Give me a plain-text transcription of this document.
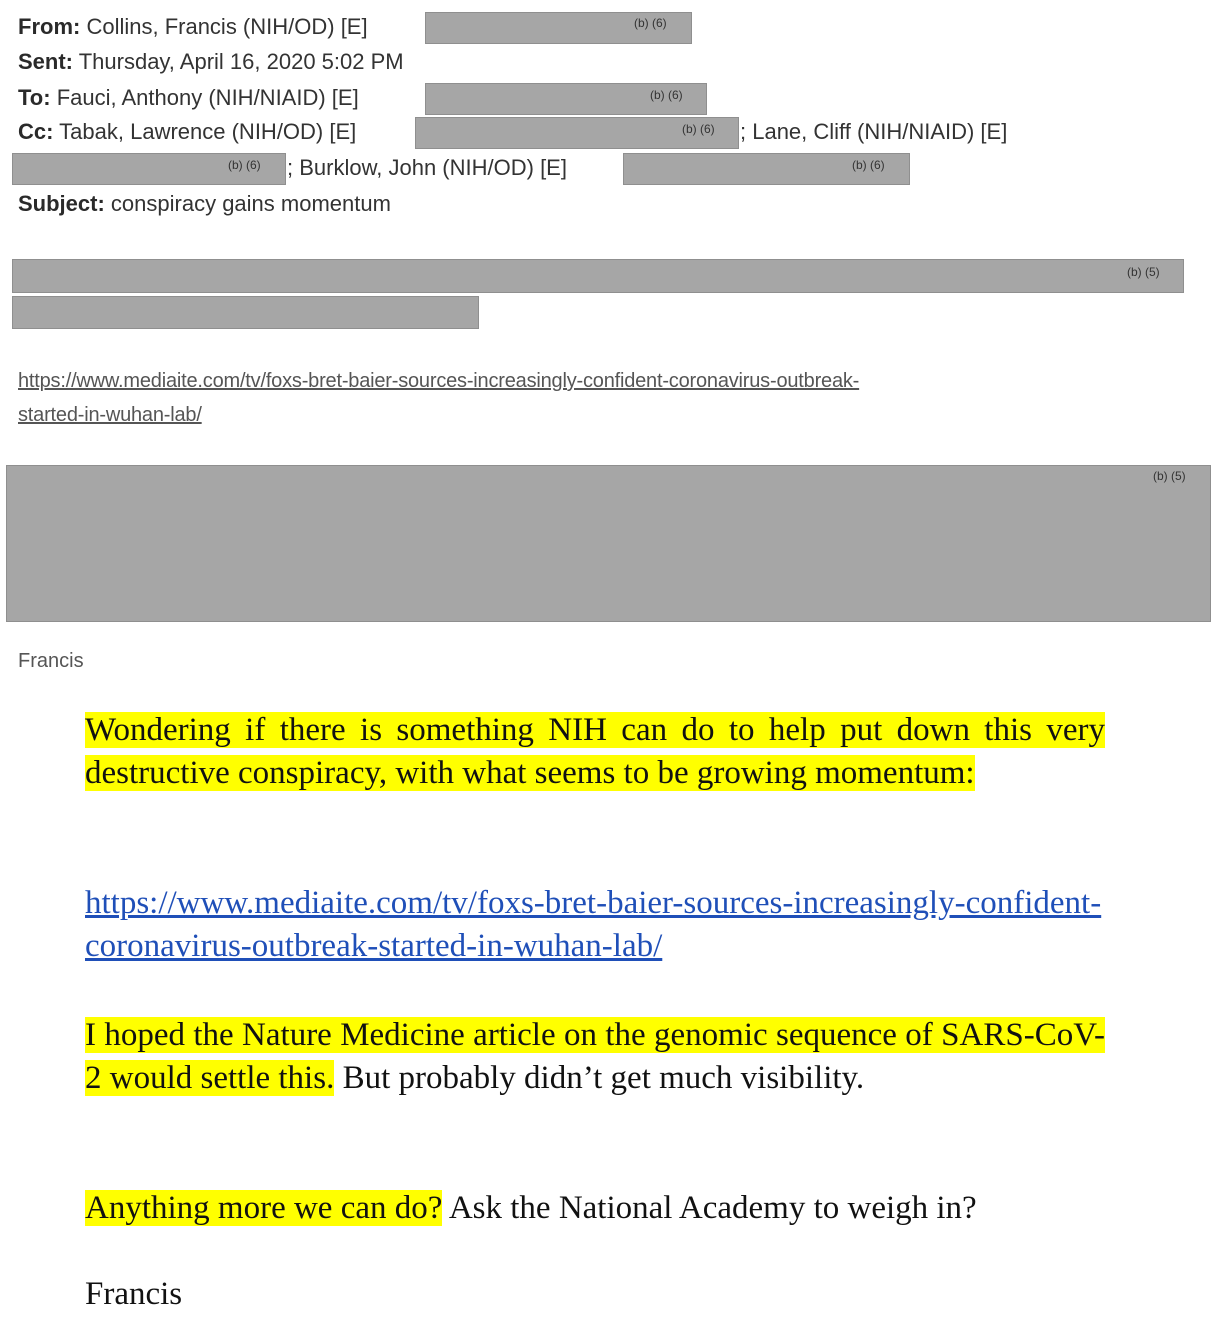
From: Collins, Francis (NIH/OD) [E]	(b) (6)
Sent: Thursday, April 16, 2020 5:02 PM
To: Fauci, Anthony (NIH/NIAID) [E]	(b) (6)
Cc: Tabak, Lawrence (NIH/OD) [E]	(b) (6) ; Lane, Cliff (NIH/NIAID) [E]
(b) (6) ; Burklow, John (NIH/OD) [E]	(b) (6)
Subject: conspiracy gains momentum
(b) (5)
https://www.mediaite.com/tv/foxs-bret-baier-sources-increasingly-confident-coronavirus-outbreak-
started-in-wuhan-lab/
(b) (5)
Francis
Wondering if there is something NIH can do to help put down this very destructive conspiracy, with what seems to be growing momentum:
https://www.mediaite.com/tv/foxs-bret-baier-sources-increasingly-confident-coronavirus-outbreak-started-in-wuhan-lab/
I hoped the Nature Medicine article on the genomic sequence of SARS-CoV-2 would settle this. But probably didn’t get much visibility.
Anything more we can do? Ask the National Academy to weigh in?
Francis
